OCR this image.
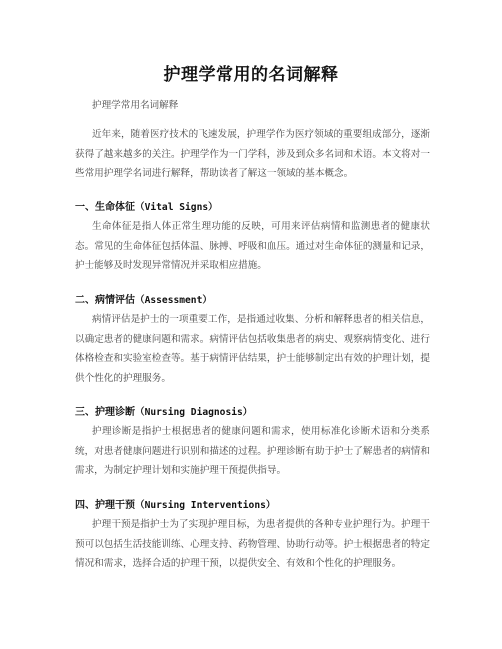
护理学常用的名词解释

护理学常用名词解释

近年来，随着医疗技术的飞速发展，护理学作为医疗领域的重要组成部分，逐渐获得了越来越多的关注。护理学作为一门学科，涉及到众多名词和术语。本文将对一些常用护理学名词进行解释，帮助读者了解这一领域的基本概念。

一、生命体征（Vital Signs）

生命体征是指人体正常生理功能的反映，可用来评估病情和监测患者的健康状态。常见的生命体征包括体温、脉搏、呼吸和血压。通过对生命体征的测量和记录，护士能够及时发现异常情况并采取相应措施。

二、病情评估（Assessment）

病情评估是护士的一项重要工作，是指通过收集、分析和解释患者的相关信息，以确定患者的健康问题和需求。病情评估包括收集患者的病史、观察病情变化、进行体格检查和实验室检查等。基于病情评估结果，护士能够制定出有效的护理计划，提供个性化的护理服务。

三、护理诊断（Nursing Diagnosis）

护理诊断是指护士根据患者的健康问题和需求，使用标准化诊断术语和分类系统，对患者健康问题进行识别和描述的过程。护理诊断有助于护士了解患者的病情和需求，为制定护理计划和实施护理干预提供指导。

四、护理干预（Nursing Interventions）

护理干预是指护士为了实现护理目标，为患者提供的各种专业护理行为。护理干预可以包括生活技能训练、心理支持、药物管理、协助行动等。护士根据患者的特定情况和需求，选择合适的护理干预，以提供安全、有效和个性化的护理服务。
